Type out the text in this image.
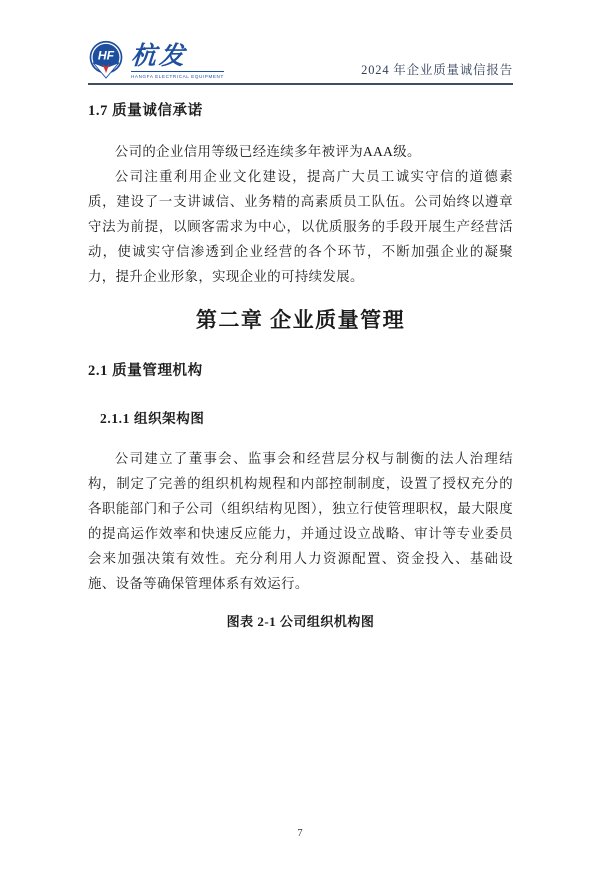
HF 杭发
HANGFA ELECTRICAL EQUIPMENT	2024 年企业质量诚信报告
1.7 质量诚信承诺

公司的企业信用等级已经连续多年被评为AAA级。

公司注重利用企业文化建设，提高广大员工诚实守信的道德素质，建设了一支讲诚信、业务精的高素质员工队伍。公司始终以遵章守法为前提，以顾客需求为中心，以优质服务的手段开展生产经营活动，使诚实守信渗透到企业经营的各个环节，不断加强企业的凝聚力，提升企业形象，实现企业的可持续发展。

第二章 企业质量管理
2.1 质量管理机构
2.1.1 组织架构图

公司建立了董事会、监事会和经营层分权与制衡的法人治理结构，制定了完善的组织机构规程和内部控制制度，设置了授权充分的各职能部门和子公司（组织结构见图），独立行使管理职权，最大限度的提高运作效率和快速反应能力，并通过设立战略、审计等专业委员会来加强决策有效性。充分利用人力资源配置、资金投入、基础设施、设备等确保管理体系有效运行。

图表 2-1 公司组织机构图
7
